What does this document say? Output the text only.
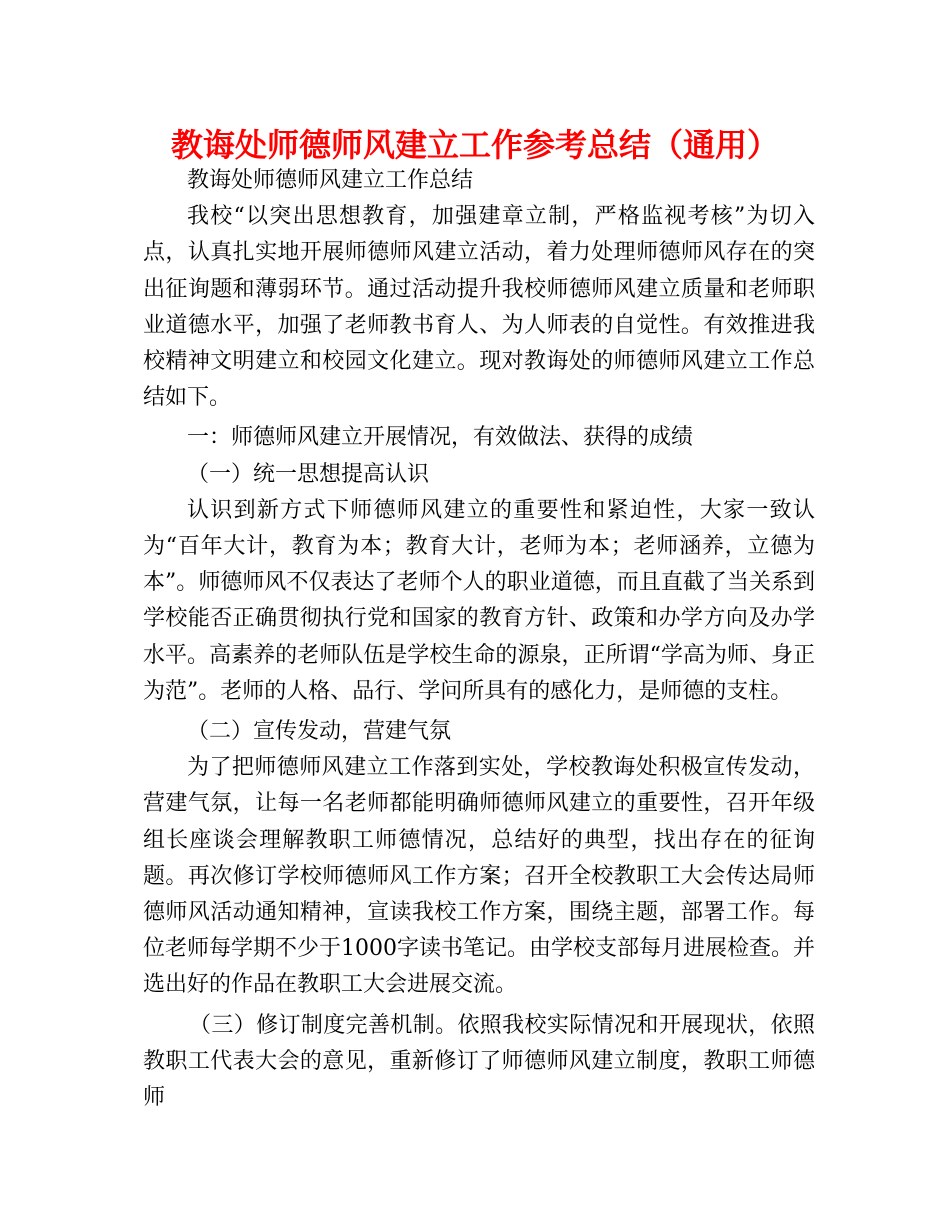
教诲处师德师风建立工作参考总结（通用）

教诲处师德师风建立工作总结

我校“以突出思想教育，加强建章立制，严格监视考核”为切入点，认真扎实地开展师德师风建立活动，着力处理师德师风存在的突出征询题和薄弱环节。通过活动提升我校师德师风建立质量和老师职业道德水平，加强了老师教书育人、为人师表的自觉性。有效推进我校精神文明建立和校园文化建立。现对教诲处的师德师风建立工作总结如下。

一：师德师风建立开展情况，有效做法、获得的成绩

（一）统一思想提高认识

认识到新方式下师德师风建立的重要性和紧迫性，大家一致认为“百年大计，教育为本；教育大计，老师为本；老师涵养，立德为本”。师德师风不仅表达了老师个人的职业道德，而且直截了当关系到学校能否正确贯彻执行党和国家的教育方针、政策和办学方向及办学水平。高素养的老师队伍是学校生命的源泉，正所谓“学高为师、身正为范”。老师的人格、品行、学问所具有的感化力，是师德的支柱。

（二）宣传发动，营建气氛

为了把师德师风建立工作落到实处，学校教诲处积极宣传发动，营建气氛，让每一名老师都能明确师德师风建立的重要性，召开年级组长座谈会理解教职工师德情况，总结好的典型，找出存在的征询题。再次修订学校师德师风工作方案；召开全校教职工大会传达局师德师风活动通知精神，宣读我校工作方案，围绕主题，部署工作。每位老师每学期不少于1000字读书笔记。由学校支部每月进展检查。并选出好的作品在教职工大会进展交流。

（三）修订制度完善机制。依照我校实际情况和开展现状，依照教职工代表大会的意见，重新修订了师德师风建立制度，教职工师德师
